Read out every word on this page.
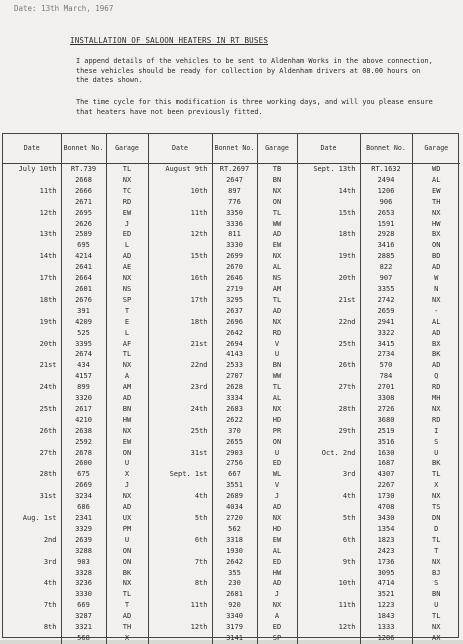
Date: 13th March, 1967
INSTALLATION OF SALOON HEATERS IN RT BUSES
I append details of the vehicles to be sent to Aldenham Works in the above connection, these vehicles should be ready for collection by Aldenham drivers at 08.00 hours on the dates shown.
The time cycle for this modification is three working days, and will you please ensure that heaters have not been previously fitted.
Date	Bonnet No.	Garage	Date	Bonnet No.	Garage	Date	Bonnet No.	Garage
July 10th	RT.739	TL	August 9th	RT.2697	TB	Sept. 13th	RT.1632	WD
	2668	NX		2647	BN		2494	AL
11th	2666	TC	10th	897	NX	14th	1206	EW
	2671	RD		776	ON		906	TH
12th	2695	EW	11th	3350	TL	15th	2653	NX
	2626	J		3336	WW		1591	HW
13th	2589	ED	12th	811	AD	18th	2928	BX
	695	L		3330	EW		3416	ON
14th	4214	AD	15th	2699	NX	19th	2885	BD
	2641	AE		2670	AL		822	AD
17th	2664	NX	16th	2646	NS	20th	907	W
	2601	NS		2719	AM		3355	N
18th	2676	SP	17th	3295	TL	21st	2742	NX
	391	T		2637	AD		2659	-
19th	4209	E	18th	2696	NX	22nd	2941	AL
	525	L		2642	RD		3322	AD
20th	3395	AF	21st	2694	V	25th	3415	BX
	2674	TL		4143	U		2734	BK
21st	434	NX	22nd	2533	BN	26th	570	AD
	4157	A		2707	WW		784	Q
24th	899	AM	23rd	2628	TL	27th	2701	RD
	3320	AD		3334	AL		3308	MH
25th	2617	BN	24th	2683	NX	28th	2726	NX
	4210	HW		2622	HD		3680	RD
26th	2638	NX	25th	370	PR	29th	2519	I
	2592	EW		2655	ON		3516	S
27th	2678	ON	31st	2903	U	Oct. 2nd	1630	U
	2600	U		2756	ED		1687	BK
28th	675	X	Sept. 1st	667	WL	3rd	4307	TL
	2669	J		3551	V		2267	X
31st	3234	NX	4th	2689	J	4th	1730	NX
	686	AD		4034	AD		4708	TS
Aug. 1st	2341	UX	5th	2720	NX	5th	3430	DN
	3329	PM		562	HD		1354	D
2nd	2639	U	6th	3318	EW	6th	1823	TL
	3288	ON		1930	AL		2423	T
3rd	903	ON	7th	2642	ED	9th	1736	NX
	3328	BK		355	HW		3095	BJ
4th	3236	NX	8th	230	AD	10th	4714	S
	3330	TL		2681	J		3521	BN
7th	669	T	11th	920	NX	11th	1223	U
	3287	AD		3340	A		1843	TL
8th	3321	TH	12th	3179	ED	12th	1333	NX
	568	X		3141	SP		1286	AX
